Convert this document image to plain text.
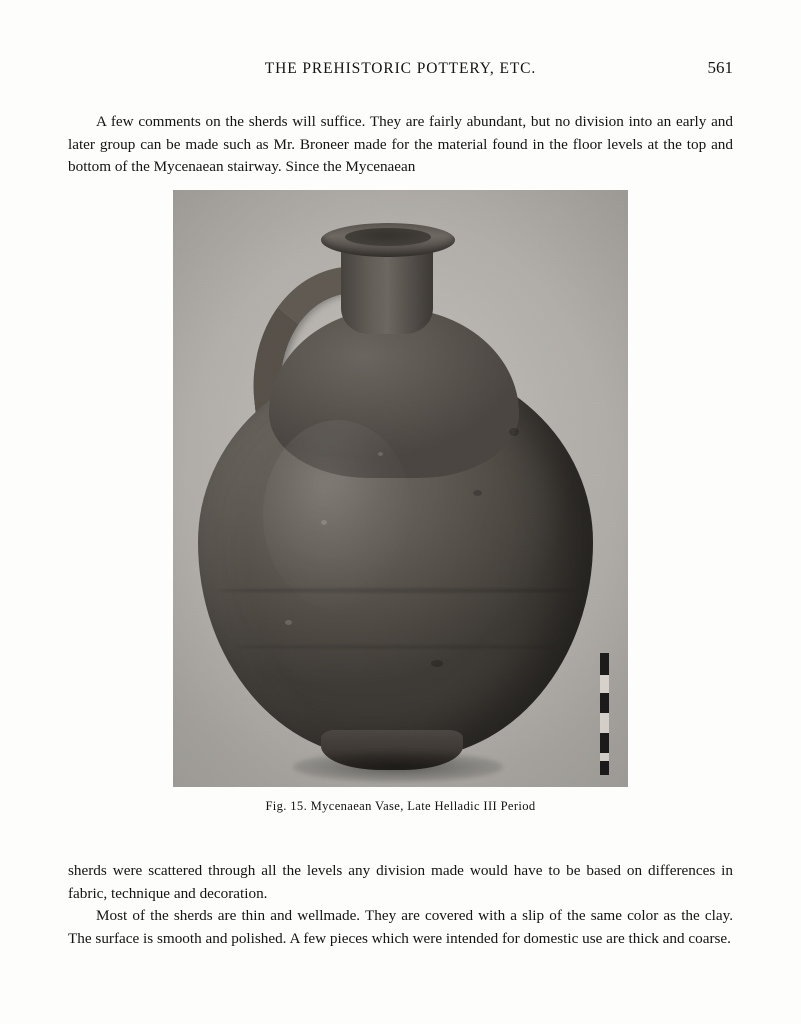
THE PREHISTORIC POTTERY, ETC.	561

A few comments on the sherds will suffice. They are fairly abundant, but no division into an early and later group can be made such as Mr. Broneer made for the material found in the floor levels at the top and bottom of the Mycenaean stairway. Since the Mycenaean

Fig. 15. Mycenaean Vase, Late Helladic III Period

sherds were scattered through all the levels any division made would have to be based on differences in fabric, technique and decoration.

Most of the sherds are thin and wellmade. They are covered with a slip of the same color as the clay. The surface is smooth and polished. A few pieces which were intended for domestic use are thick and coarse.
